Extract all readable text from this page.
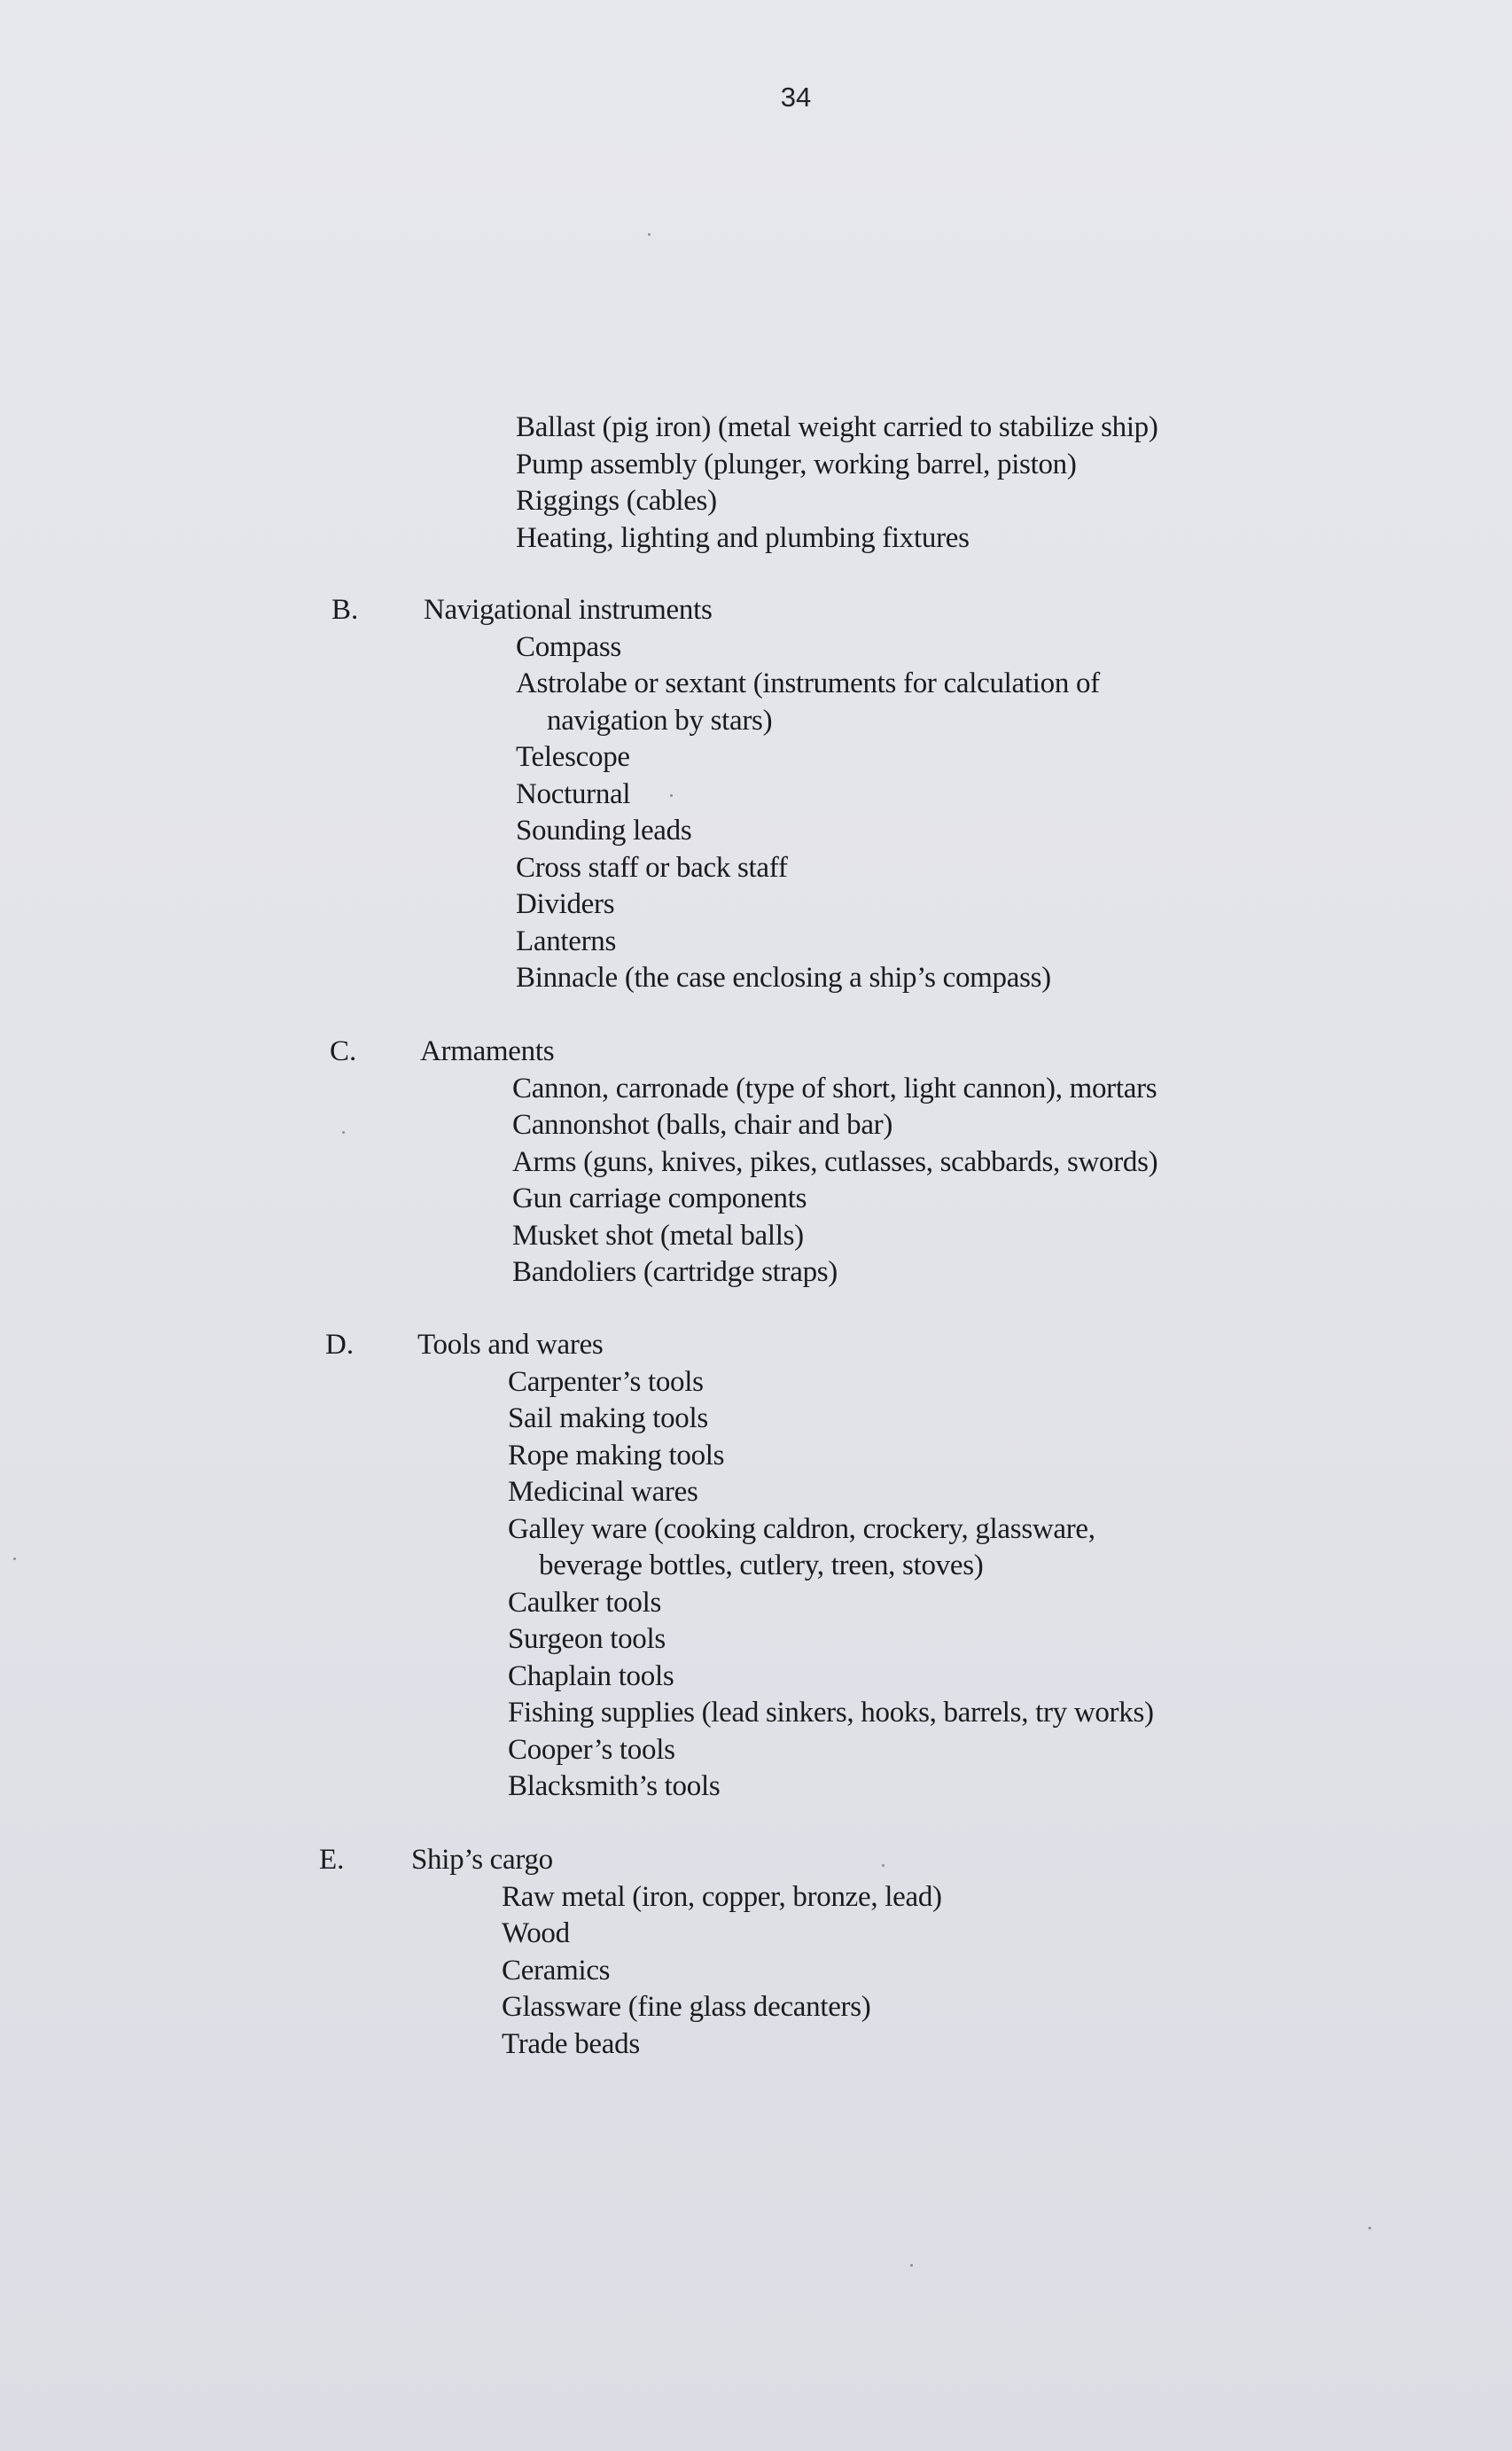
34
Ballast (pig iron) (metal weight carried to stabilize ship)
Pump assembly (plunger, working barrel, piston)
Riggings (cables)
Heating, lighting and plumbing fixtures
B. Navigational instruments
Compass
Astrolabe or sextant (instruments for calculation of
navigation by stars)
Telescope
Nocturnal
Sounding leads
Cross staff or back staff
Dividers
Lanterns
Binnacle (the case enclosing a ship’s compass)
C. Armaments
Cannon, carronade (type of short, light cannon), mortars
Cannonshot (balls, chair and bar)
Arms (guns, knives, pikes, cutlasses, scabbards, swords)
Gun carriage components
Musket shot (metal balls)
Bandoliers (cartridge straps)
D. Tools and wares
Carpenter’s tools
Sail making tools
Rope making tools
Medicinal wares
Galley ware (cooking caldron, crockery, glassware,
beverage bottles, cutlery, treen, stoves)
Caulker tools
Surgeon tools
Chaplain tools
Fishing supplies (lead sinkers, hooks, barrels, try works)
Cooper’s tools
Blacksmith’s tools
E. Ship’s cargo
Raw metal (iron, copper, bronze, lead)
Wood
Ceramics
Glassware (fine glass decanters)
Trade beads
